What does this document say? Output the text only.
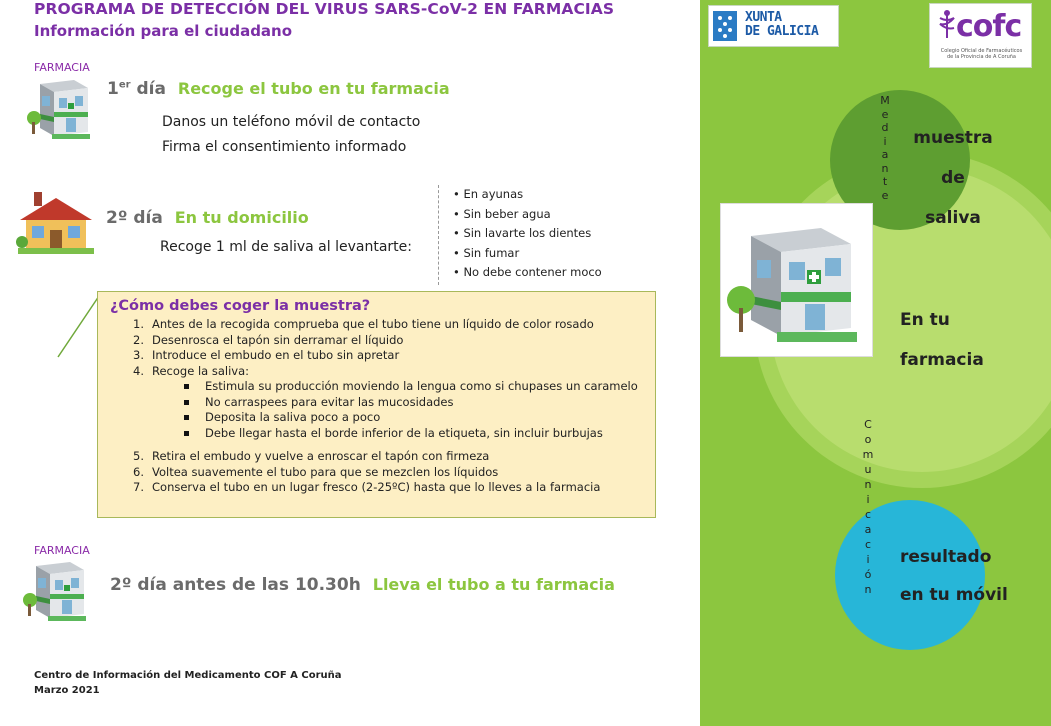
PROGRAMA DE DETECCIÓN DEL VIRUS SARS-CoV-2 EN FARMACIAS
Información para el ciudadano
FARMACIA
1er día Recoge el tubo en tu farmacia
Danos un teléfono móvil de contacto
Firma el consentimiento informado
2º día En tu domicilio
Recoge 1 ml de saliva al levantarte:
• En ayunas
• Sin beber agua
• Sin lavarte los dientes
• Sin fumar
• No debe contener moco
¿Cómo debes coger la muestra?
1. Antes de la recogida comprueba que el tubo tiene un líquido de color rosado
2. Desenrosca el tapón sin derramar el líquido
3. Introduce el embudo en el tubo sin apretar
4. Recoge la saliva:
Estimula su producción moviendo la lengua como si chupases un caramelo
No carraspees para evitar las mucosidades
Deposita la saliva poco a poco
Debe llegar hasta el borde inferior de la etiqueta, sin incluir burbujas
5. Retira el embudo y vuelve a enroscar el tapón con firmeza
6. Voltea suavemente el tubo para que se mezclen los líquidos
7. Conserva el tubo en un lugar fresco (2-25ºC) hasta que lo lleves a la farmacia
FARMACIA
2º día antes de las 10.30h Lleva el tubo a tu farmacia
Centro de Información del Medicamento COF A Coruña
Marzo 2021
XUNTA
DE GALICIA	cofc
Colegio Oficial de Farmacéuticos
de la Provincia de A Coruña
M
e
d
i
a
n
t
e
muestra
de
saliva
En tu
farmacia
C
o
m
u
n
i
c
a
c
i
ó
n
resultado
en tu móvil
